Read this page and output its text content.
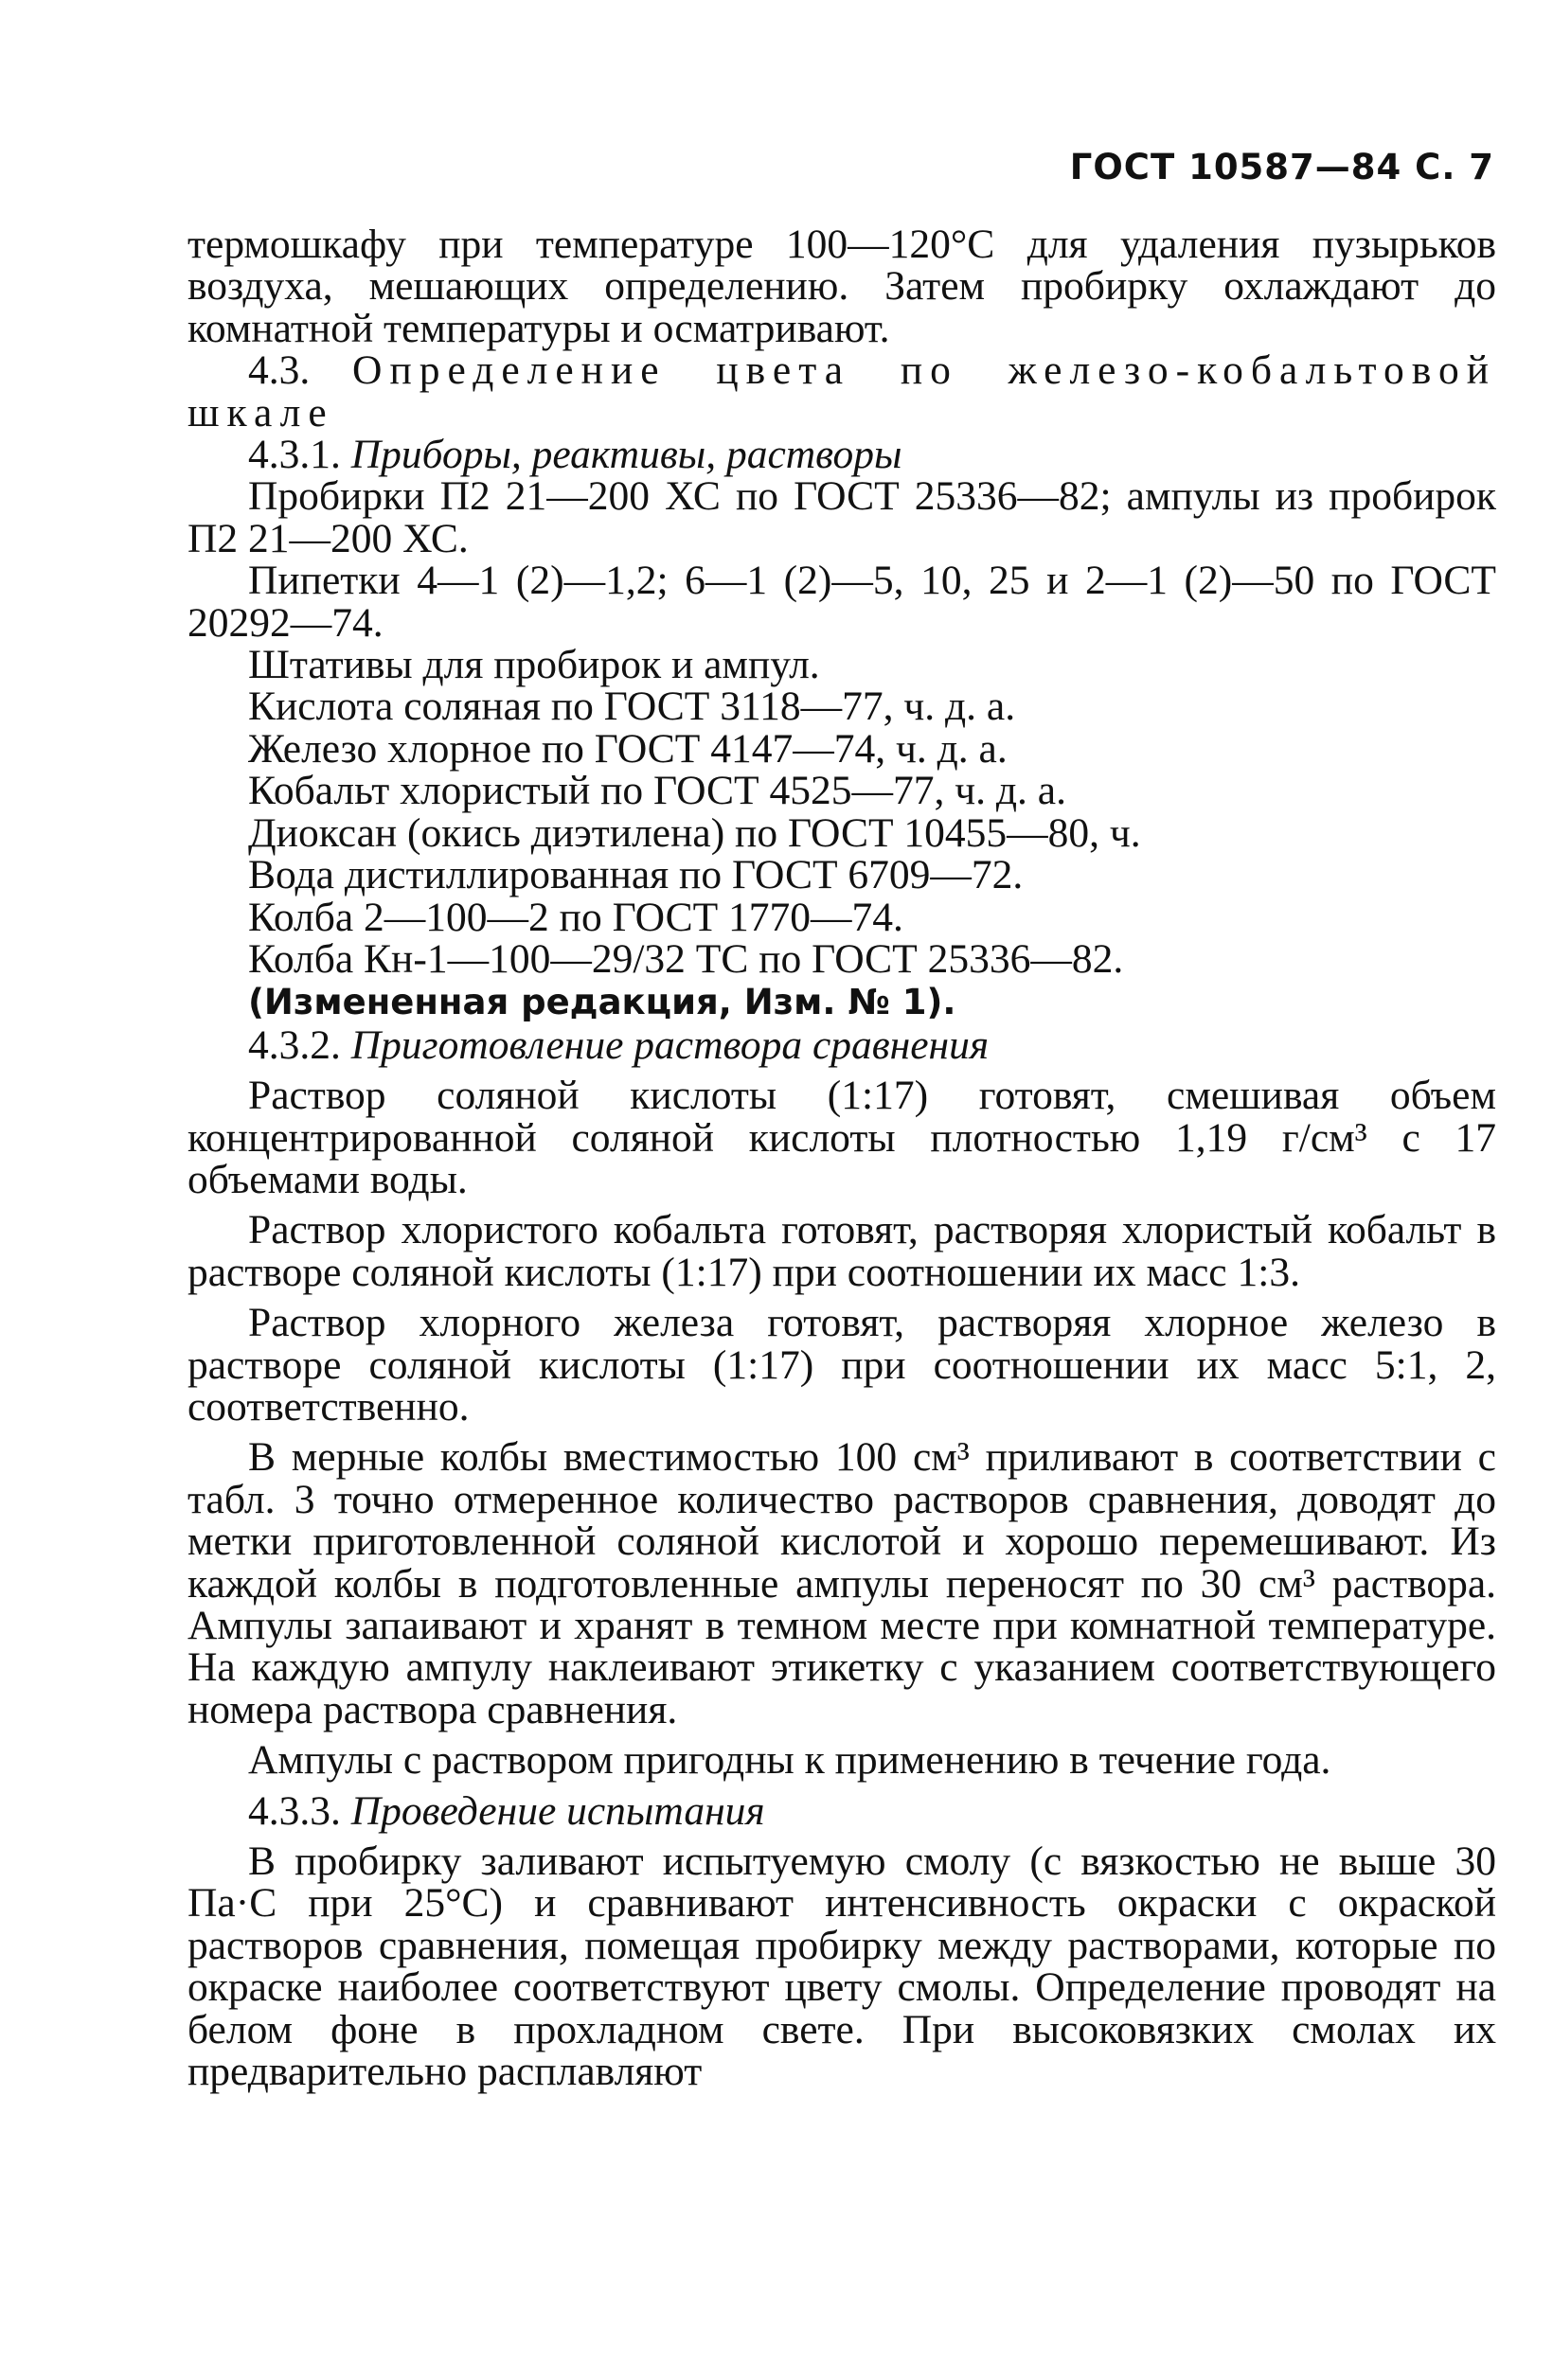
ГОСТ 10587—84 С. 7

термошкафу при температуре 100—120°С для удаления пузырьков воздуха, мешающих определению. Затем пробирку охлаждают до комнатной температуры и осматривают.

4.3. Определение цвета по железо-кобальтовой шкале

4.3.1. Приборы, реактивы, растворы

Пробирки П2 21—200 ХС по ГОСТ 25336—82; ампулы из пробирок П2 21—200 ХС.

Пипетки 4—1 (2)—1,2; 6—1 (2)—5, 10, 25 и 2—1 (2)—50 по ГОСТ 20292—74.

Штативы для пробирок и ампул.

Кислота соляная по ГОСТ 3118—77, ч. д. а.

Железо хлорное по ГОСТ 4147—74, ч. д. а.

Кобальт хлористый по ГОСТ 4525—77, ч. д. а.

Диоксан (окись диэтилена) по ГОСТ 10455—80, ч.

Вода дистиллированная по ГОСТ 6709—72.

Колба 2—100—2 по ГОСТ 1770—74.

Колба Кн-1—100—29/32 ТС по ГОСТ 25336—82.

(Измененная редакция, Изм. № 1).

4.3.2. Приготовление раствора сравнения

Раствор соляной кислоты (1:17) готовят, смешивая объем концентрированной соляной кислоты плотностью 1,19 г/см³ с 17 объемами воды.

Раствор хлористого кобальта готовят, растворяя хлористый кобальт в растворе соляной кислоты (1:17) при соотношении их масс 1:3.

Раствор хлорного железа готовят, растворяя хлорное железо в растворе соляной кислоты (1:17) при соотношении их масс 5:1, 2, соответственно.

В мерные колбы вместимостью 100 см³ приливают в соответствии с табл. 3 точно отмеренное количество растворов сравнения, доводят до метки приготовленной соляной кислотой и хорошо перемешивают. Из каждой колбы в подготовленные ампулы переносят по 30 см³ раствора. Ампулы запаивают и хранят в темном месте при комнатной температуре. На каждую ампулу наклеивают этикетку с указанием соответствующего номера раствора сравнения.

Ампулы с раствором пригодны к применению в течение года.

4.3.3. Проведение испытания

В пробирку заливают испытуемую смолу (с вязкостью не выше 30 Па·С при 25°С) и сравнивают интенсивность окраски с окраской растворов сравнения, помещая пробирку между растворами, которые по окраске наиболее соответствуют цвету смолы. Определение проводят на белом фоне в прохладном свете. При высоковязких смолах их предварительно расплавляют
